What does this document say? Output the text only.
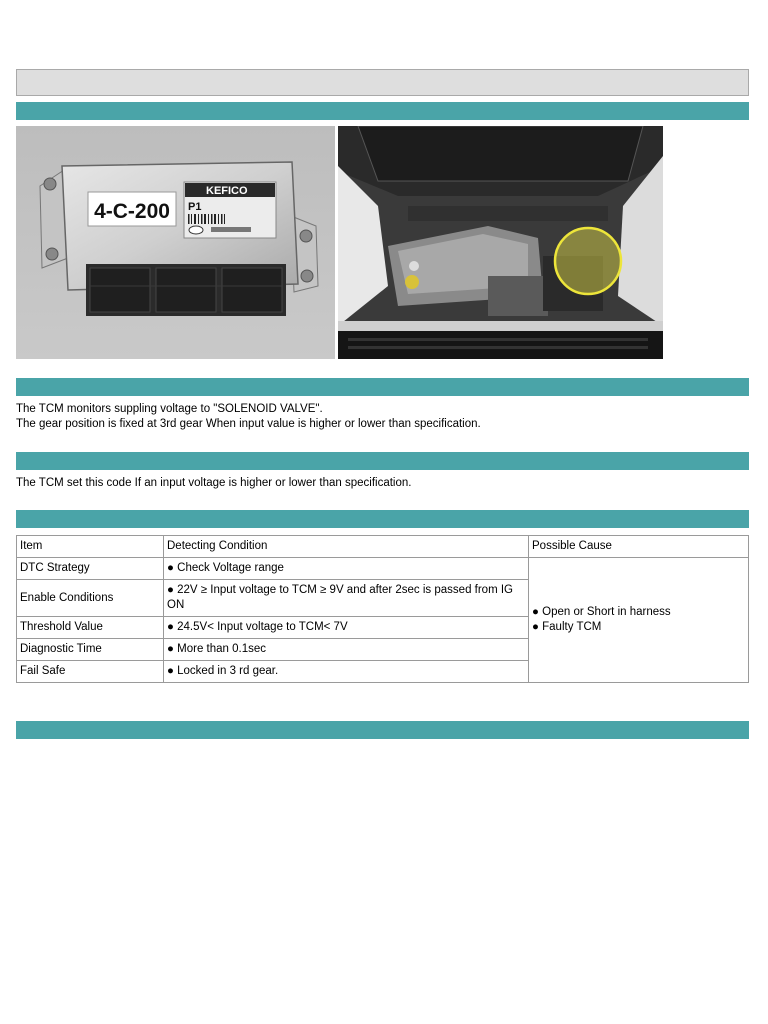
4-C-200
KEFICO
P1
The TCM monitors suppling voltage to "SOLENOID VALVE".
The gear position is fixed at 3rd gear When input value is higher or lower than specification.
The TCM set this code If an input voltage is higher or lower than specification.
Item	Detecting Condition	Possible Cause
DTC Strategy	● Check Voltage range	● Open or Short in harness
● Faulty TCM

Enable Conditions	● 22V ≥ Input voltage to TCM ≥ 9V and after 2sec is passed from IG ON	
Threshold Value	● 24.5V< Input voltage to TCM< 7V	
Diagnostic Time	● More than 0.1sec	
Fail Safe	● Locked in 3 rd gear.	
